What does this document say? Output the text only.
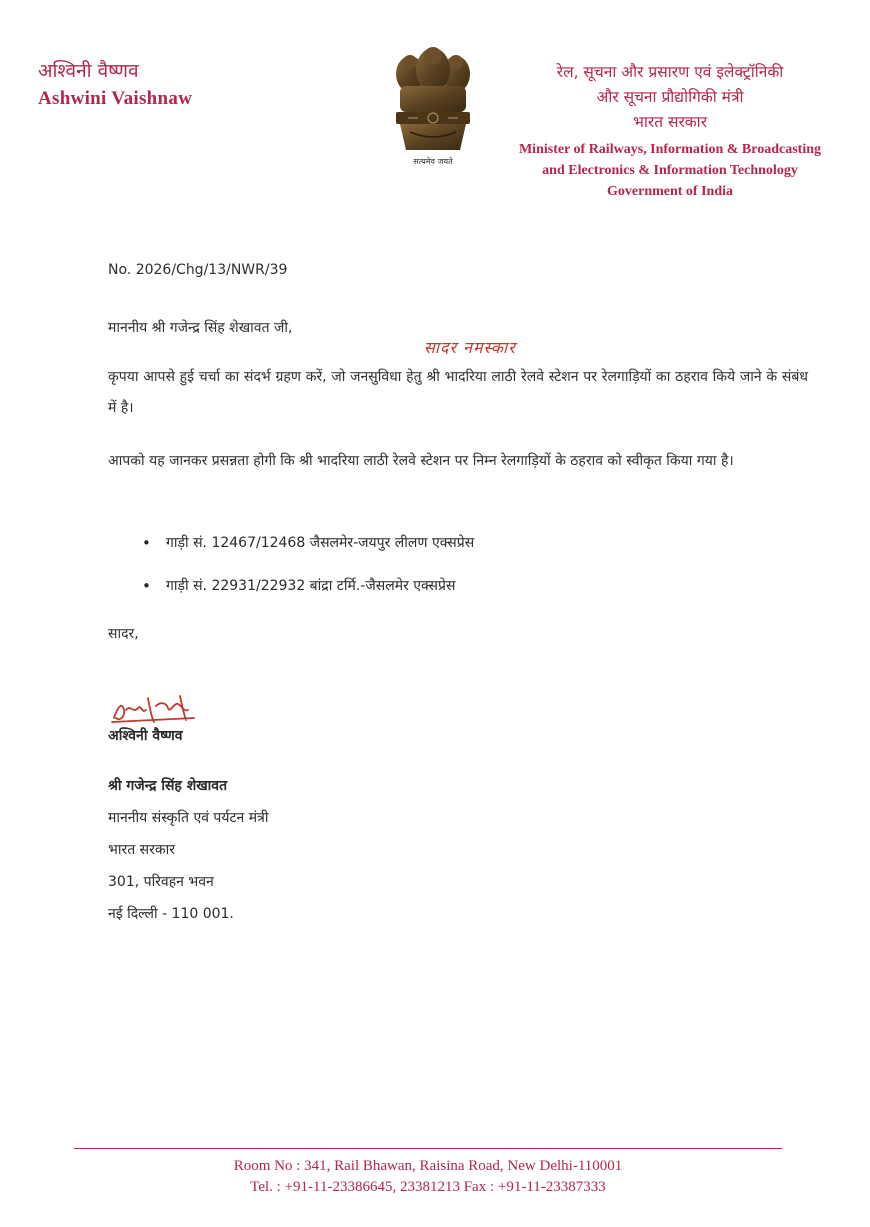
अश्विनी वैष्णव
Ashwini Vaishnaw
सत्यमेव जयते
रेल, सूचना और प्रसारण एवं इलेक्ट्रॉनिकी
और सूचना प्रौद्योगिकी मंत्री
भारत सरकार
Minister of Railways, Information & Broadcasting
and Electronics & Information Technology
Government of India
No. 2026/Chg/13/NWR/39
माननीय श्री गजेन्द्र सिंह शेखावत जी,
सादर नमस्कार
कृपया आपसे हुई चर्चा का संदर्भ ग्रहण करें, जो जनसुविधा हेतु श्री भादरिया लाठी रेलवे स्टेशन पर रेलगाड़ियों का ठहराव किये जाने के संबंध में है।
आपको यह जानकर प्रसन्नता होगी कि श्री भादरिया लाठी रेलवे स्टेशन पर निम्न रेलगाड़ियों के ठहराव को स्वीकृत किया गया है।
• गाड़ी सं. 12467/12468 जैसलमेर-जयपुर लीलण एक्सप्रेस
• गाड़ी सं. 22931/22932 बांद्रा टर्मि.-जैसलमेर एक्सप्रेस
सादर,
अश्विनी वैष्णव
श्री गजेन्द्र सिंह शेखावत
माननीय संस्कृति एवं पर्यटन मंत्री
भारत सरकार
301, परिवहन भवन
नई दिल्ली - 110 001.
Room No : 341, Rail Bhawan, Raisina Road, New Delhi-110001
Tel. : +91-11-23386645, 23381213 Fax : +91-11-23387333
